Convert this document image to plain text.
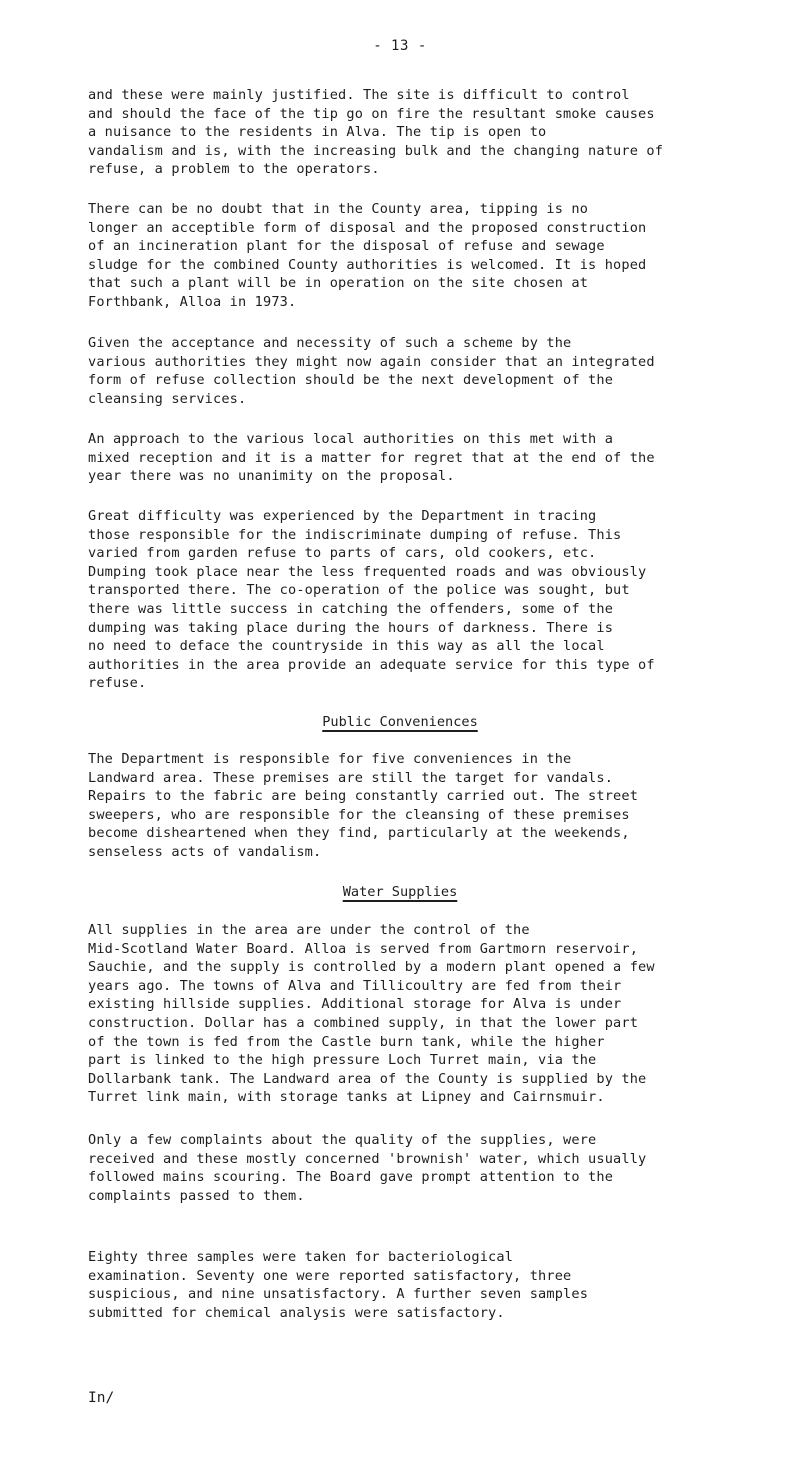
- 13 -

and these were mainly justified. The site is difficult to control
and should the face of the tip go on fire the resultant smoke causes
a nuisance to the residents in Alva. The tip is open to
vandalism and is, with the increasing bulk and the changing nature of
refuse, a problem to the operators.

There can be no doubt that in the County area, tipping is no
longer an acceptible form of disposal and the proposed construction
of an incineration plant for the disposal of refuse and sewage
sludge for the combined County authorities is welcomed. It is hoped
that such a plant will be in operation on the site chosen at
Forthbank, Alloa in 1973.

Given the acceptance and necessity of such a scheme by the
various authorities they might now again consider that an integrated
form of refuse collection should be the next development of the
cleansing services.

An approach to the various local authorities on this met with a
mixed reception and it is a matter for regret that at the end of the
year there was no unanimity on the proposal.

Great difficulty was experienced by the Department in tracing
those responsible for the indiscriminate dumping of refuse. This
varied from garden refuse to parts of cars, old cookers, etc.
Dumping took place near the less frequented roads and was obviously
transported there. The co-operation of the police was sought, but
there was little success in catching the offenders, some of the
dumping was taking place during the hours of darkness. There is
no need to deface the countryside in this way as all the local
authorities in the area provide an adequate service for this type of
refuse.

Public Conveniences

The Department is responsible for five conveniences in the
Landward area. These premises are still the target for vandals.
Repairs to the fabric are being constantly carried out. The street
sweepers, who are responsible for the cleansing of these premises
become disheartened when they find, particularly at the weekends,
senseless acts of vandalism.

Water Supplies

All supplies in the area are under the control of the
Mid-Scotland Water Board. Alloa is served from Gartmorn reservoir,
Sauchie, and the supply is controlled by a modern plant opened a few
years ago. The towns of Alva and Tillicoultry are fed from their
existing hillside supplies. Additional storage for Alva is under
construction. Dollar has a combined supply, in that the lower part
of the town is fed from the Castle burn tank, while the higher
part is linked to the high pressure Loch Turret main, via the
Dollarbank tank. The Landward area of the County is supplied by the
Turret link main, with storage tanks at Lipney and Cairnsmuir.

Only a few complaints about the quality of the supplies, were
received and these mostly concerned 'brownish' water, which usually
followed mains scouring. The Board gave prompt attention to the
complaints passed to them.

Eighty three samples were taken for bacteriological
examination. Seventy one were reported satisfactory, three
suspicious, and nine unsatisfactory. A further seven samples
submitted for chemical analysis were satisfactory.

In/
